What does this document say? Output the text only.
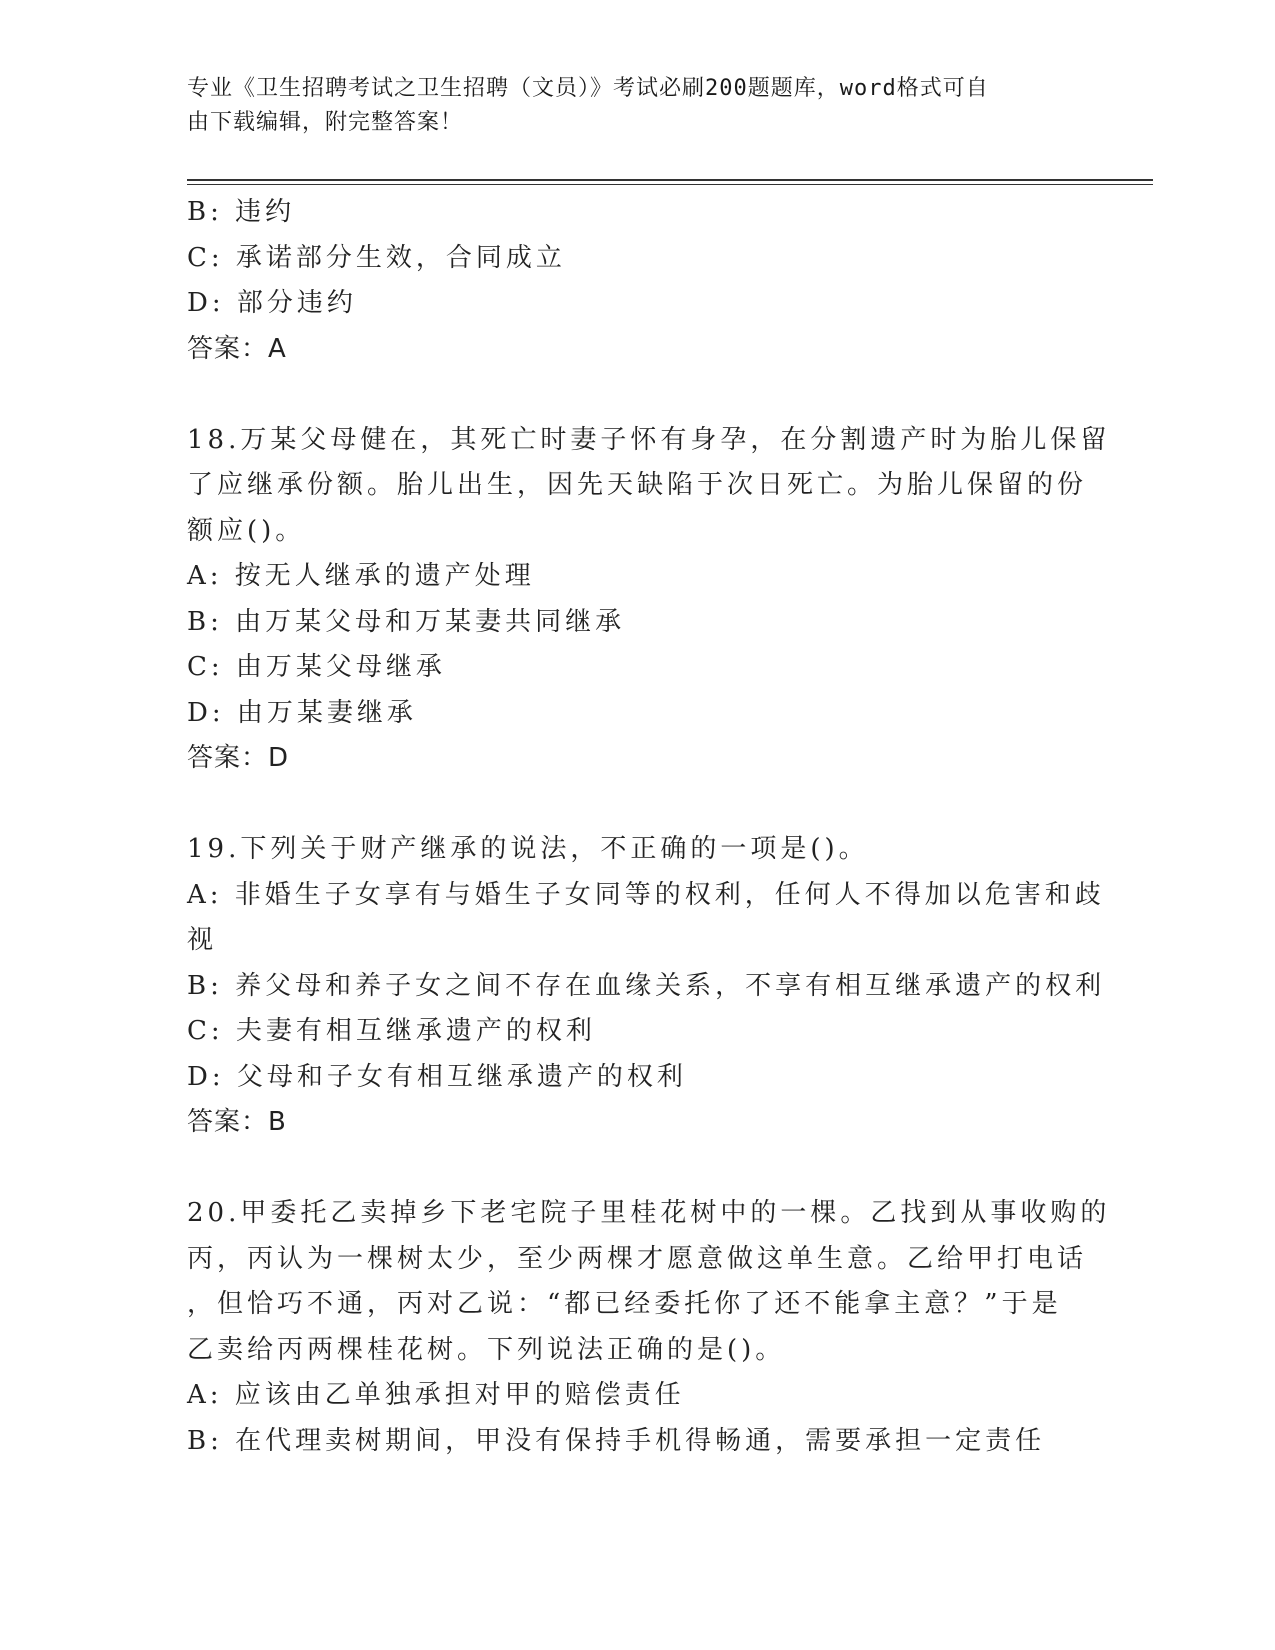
专业《卫生招聘考试之卫生招聘（文员）》考试必刷200题题库，word格式可自
由下载编辑，附完整答案！
B: 违约
C: 承诺部分生效，合同成立
D: 部分违约
答案：A
18.万某父母健在，其死亡时妻子怀有身孕，在分割遗产时为胎儿保留
了应继承份额。胎儿出生，因先天缺陷于次日死亡。为胎儿保留的份
额应()。
A: 按无人继承的遗产处理
B: 由万某父母和万某妻共同继承
C: 由万某父母继承
D: 由万某妻继承
答案：D
19.下列关于财产继承的说法，不正确的一项是()。
A: 非婚生子女享有与婚生子女同等的权利，任何人不得加以危害和歧
视
B: 养父母和养子女之间不存在血缘关系，不享有相互继承遗产的权利
C: 夫妻有相互继承遗产的权利
D: 父母和子女有相互继承遗产的权利
答案：B
20.甲委托乙卖掉乡下老宅院子里桂花树中的一棵。乙找到从事收购的
丙，丙认为一棵树太少，至少两棵才愿意做这单生意。乙给甲打电话
，但恰巧不通，丙对乙说：“都已经委托你了还不能拿主意？”于是
乙卖给丙两棵桂花树。下列说法正确的是()。
A: 应该由乙单独承担对甲的赔偿责任
B: 在代理卖树期间，甲没有保持手机得畅通，需要承担一定责任
